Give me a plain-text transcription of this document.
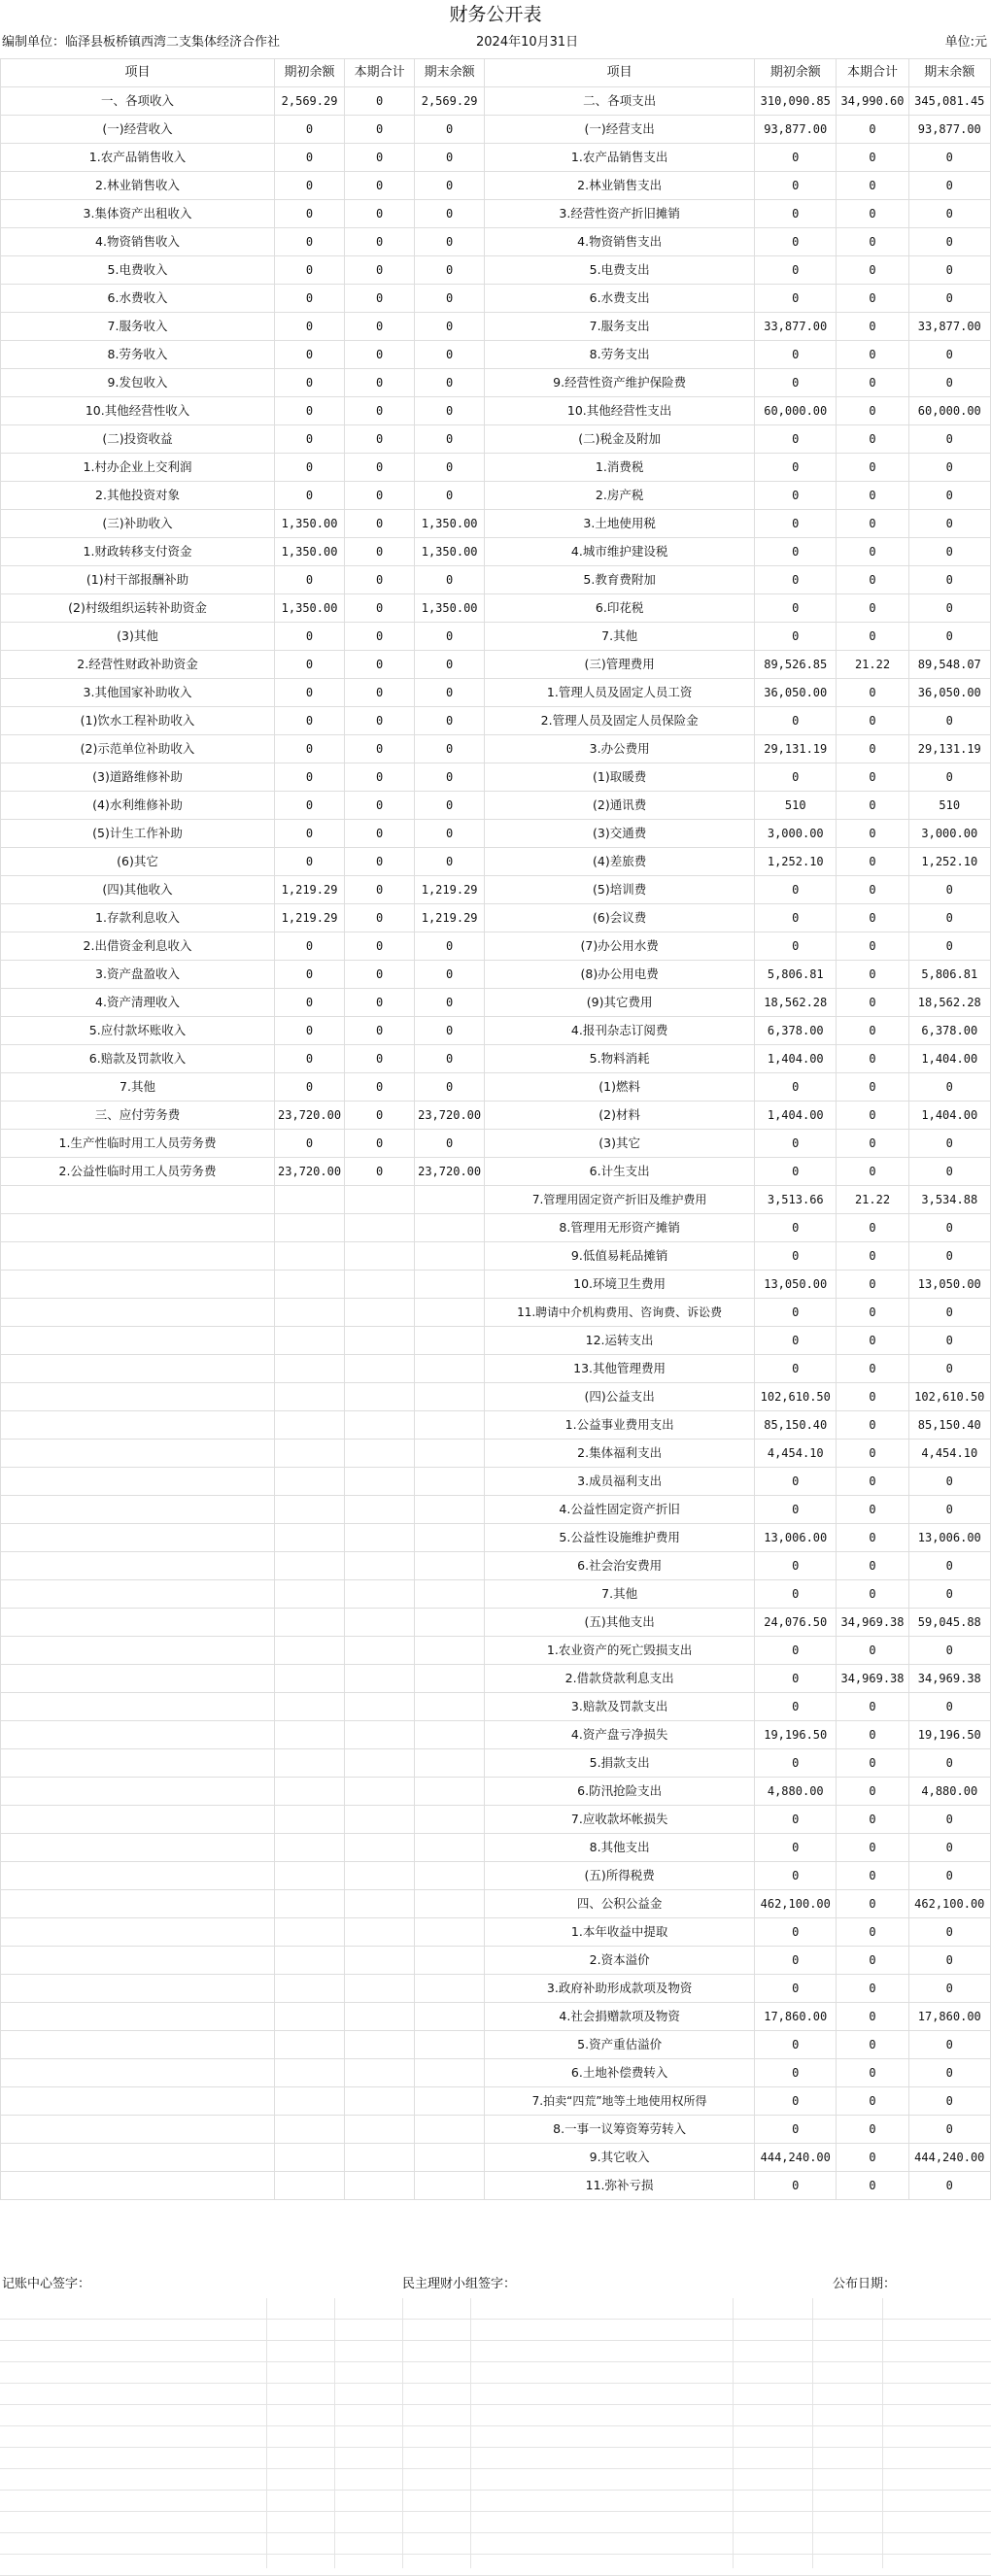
财务公开表
编制单位：临泽县板桥镇西湾二支集体经济合作社	2024年10月31日	单位:元
项目	期初余额	本期合计	期末余额	项目	期初余额	本期合计	期末余额
一、各项收入	2,569.29	0	2,569.29	二、各项支出	310,090.85	34,990.60	345,081.45
(一)经营收入	0	0	0	(一)经营支出	93,877.00	0	93,877.00
1.农产品销售收入	0	0	0	1.农产品销售支出	0	0	0
2.林业销售收入	0	0	0	2.林业销售支出	0	0	0
3.集体资产出租收入	0	0	0	3.经营性资产折旧摊销	0	0	0
4.物资销售收入	0	0	0	4.物资销售支出	0	0	0
5.电费收入	0	0	0	5.电费支出	0	0	0
6.水费收入	0	0	0	6.水费支出	0	0	0
7.服务收入	0	0	0	7.服务支出	33,877.00	0	33,877.00
8.劳务收入	0	0	0	8.劳务支出	0	0	0
9.发包收入	0	0	0	9.经营性资产维护保险费	0	0	0
10.其他经营性收入	0	0	0	10.其他经营性支出	60,000.00	0	60,000.00
(二)投资收益	0	0	0	(二)税金及附加	0	0	0
1.村办企业上交利润	0	0	0	1.消费税	0	0	0
2.其他投资对象	0	0	0	2.房产税	0	0	0
(三)补助收入	1,350.00	0	1,350.00	3.土地使用税	0	0	0
1.财政转移支付资金	1,350.00	0	1,350.00	4.城市维护建设税	0	0	0
(1)村干部报酬补助	0	0	0	5.教育费附加	0	0	0
(2)村级组织运转补助资金	1,350.00	0	1,350.00	6.印花税	0	0	0
(3)其他	0	0	0	7.其他	0	0	0
2.经营性财政补助资金	0	0	0	(三)管理费用	89,526.85	21.22	89,548.07
3.其他国家补助收入	0	0	0	1.管理人员及固定人员工资	36,050.00	0	36,050.00
(1)饮水工程补助收入	0	0	0	2.管理人员及固定人员保险金	0	0	0
(2)示范单位补助收入	0	0	0	3.办公费用	29,131.19	0	29,131.19
(3)道路维修补助	0	0	0	(1)取暖费	0	0	0
(4)水利维修补助	0	0	0	(2)通讯费	510	0	510
(5)计生工作补助	0	0	0	(3)交通费	3,000.00	0	3,000.00
(6)其它	0	0	0	(4)差旅费	1,252.10	0	1,252.10
(四)其他收入	1,219.29	0	1,219.29	(5)培训费	0	0	0
1.存款利息收入	1,219.29	0	1,219.29	(6)会议费	0	0	0
2.出借资金利息收入	0	0	0	(7)办公用水费	0	0	0
3.资产盘盈收入	0	0	0	(8)办公用电费	5,806.81	0	5,806.81
4.资产清理收入	0	0	0	(9)其它费用	18,562.28	0	18,562.28
5.应付款坏账收入	0	0	0	4.报刊杂志订阅费	6,378.00	0	6,378.00
6.赔款及罚款收入	0	0	0	5.物料消耗	1,404.00	0	1,404.00
7.其他	0	0	0	(1)燃料	0	0	0
三、应付劳务费	23,720.00	0	23,720.00	(2)材料	1,404.00	0	1,404.00
1.生产性临时用工人员劳务费	0	0	0	(3)其它	0	0	0
2.公益性临时用工人员劳务费	23,720.00	0	23,720.00	6.计生支出	0	0	0
				7.管理用固定资产折旧及维护费用	3,513.66	21.22	3,534.88
				8.管理用无形资产摊销	0	0	0
				9.低值易耗品摊销	0	0	0
				10.环境卫生费用	13,050.00	0	13,050.00
				11.聘请中介机构费用、咨询费、诉讼费	0	0	0
				12.运转支出	0	0	0
				13.其他管理费用	0	0	0
				(四)公益支出	102,610.50	0	102,610.50
				1.公益事业费用支出	85,150.40	0	85,150.40
				2.集体福利支出	4,454.10	0	4,454.10
				3.成员福利支出	0	0	0
				4.公益性固定资产折旧	0	0	0
				5.公益性设施维护费用	13,006.00	0	13,006.00
				6.社会治安费用	0	0	0
				7.其他	0	0	0
				(五)其他支出	24,076.50	34,969.38	59,045.88
				1.农业资产的死亡毁损支出	0	0	0
				2.借款贷款利息支出	0	34,969.38	34,969.38
				3.赔款及罚款支出	0	0	0
				4.资产盘亏净损失	19,196.50	0	19,196.50
				5.捐款支出	0	0	0
				6.防汛抢险支出	4,880.00	0	4,880.00
				7.应收款坏帐损失	0	0	0
				8.其他支出	0	0	0
				(五)所得税费	0	0	0
				四、公积公益金	462,100.00	0	462,100.00
				1.本年收益中提取	0	0	0
				2.资本溢价	0	0	0
				3.政府补助形成款项及物资	0	0	0
				4.社会捐赠款项及物资	17,860.00	0	17,860.00
				5.资产重估溢价	0	0	0
				6.土地补偿费转入	0	0	0
				7.拍卖“四荒”地等土地使用权所得	0	0	0
				8.一事一议筹资筹劳转入	0	0	0
				9.其它收入	444,240.00	0	444,240.00
				11.弥补亏损	0	0	0
记账中心签字：	民主理财小组签字：	公布日期：
